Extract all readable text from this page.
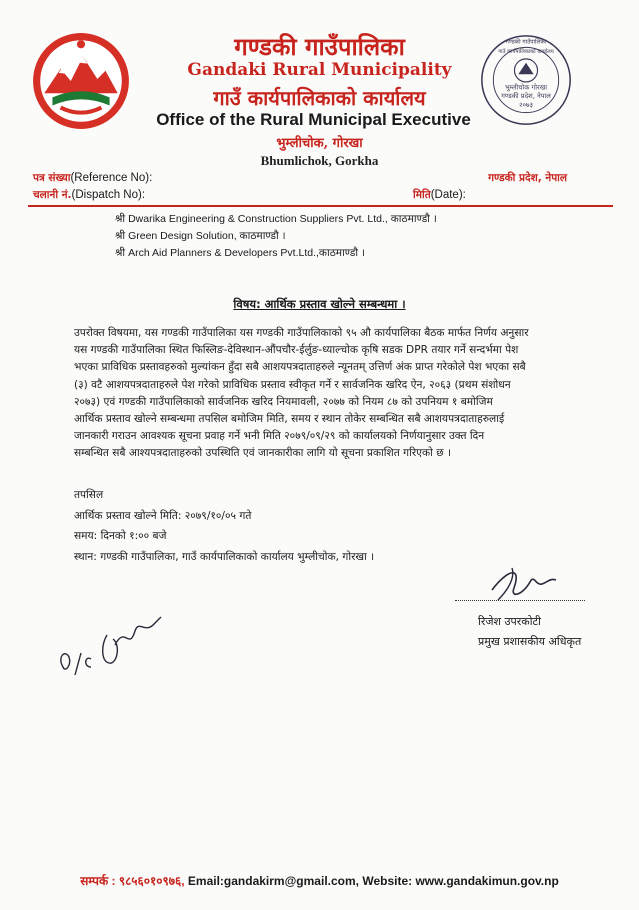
गण्डकी गाउँपालिका
Gandaki Rural Municipality
गाउँ कार्यपालिकाको कार्यालय
Office of the Rural Municipal Executive
भुम्लीचोक, गोरखा
Bhumlichok, Gorkha
भुम्लीचोक गोरखा
गण्डकी प्रदेश, नेपाल
२०७३
गण्डकी गाउँपालिका
गाउँ कार्यपालिकाको कार्यालय
पत्र संख्या(Reference No):
चलानी नं.(Dispatch No):
गण्डकी प्रदेश, नेपाल
मिति(Date):
श्री Dwarika Engineering & Construction Suppliers Pvt. Ltd., काठमाण्डौ ।
श्री Green Design Solution, काठमाण्डौ ।
श्री Arch Aid Planners & Developers Pvt.Ltd.,काठमाण्डौ ।
विषय: आर्थिक प्रस्ताव खोल्ने सम्बन्धमा ।
उपरोक्त विषयमा, यस गण्डकी गाउँपालिका यस गण्डकी गाउँपालिकाको ९५ औ कार्यपालिका बैठक मार्फत निर्णय अनुसार
यस गण्डकी गाउँपालिका स्थित फिस्लिङ-देविस्थान-औंपचौर-ईर्लुङ-ध्याल्चोक कृषि सडक DPR तयार गर्ने सन्दर्भमा पेश
भएका प्राविधिक प्रस्तावहरुको मुल्यांकन हुँदा सबै आशयपत्रदाताहरुले न्यूनतम् उत्तिर्ण अंक प्राप्त गरेकोले पेश भएका सबै
(३) वटै आशयपत्रदाताहरुले पेश गरेको प्राविधिक प्रस्ताव स्वीकृत गर्ने र सार्वजनिक खरिद ऐन, २०६३ (प्रथम संशोधन
२०७३) एवं गण्डकी गाउँपालिकाको सार्वजनिक खरिद नियमावली, २०७७ को नियम ८७ को उपनियम १ बमोजिम
आर्थिक प्रस्ताव खोल्ने सम्बन्धमा तपसिल बमोजिम मिति, समय र स्थान तोकेर सम्बन्धित सबै आशयपत्रदाताहरुलाई
जानकारी गराउन आवश्यक सूचना प्रवाह गर्ने भनी मिति २०७९/०९/२९ को कार्यालयको निर्णयानुसार उक्त दिन
सम्बन्धित सबै आश्यपत्रदाताहरुको उपस्थिति एवं जानकारीका लागि यो सूचना प्रकाशित गरिएको छ ।
तपसिल
आर्थिक प्रस्ताव खोल्ने मिति: २०७९/१०/०५ गते
समय: दिनको १:०० बजे
स्थान: गण्डकी गाउँपालिका, गाउँ कार्यपालिकाको कार्यालय भुम्लीचोक, गोरखा ।
रिजेश उपरकोटी
प्रमुख प्रशासकीय अधिकृत
सम्पर्क : ९८५६०१०९७६, Email:gandakirm@gmail.com, Website: www.gandakimun.gov.np
